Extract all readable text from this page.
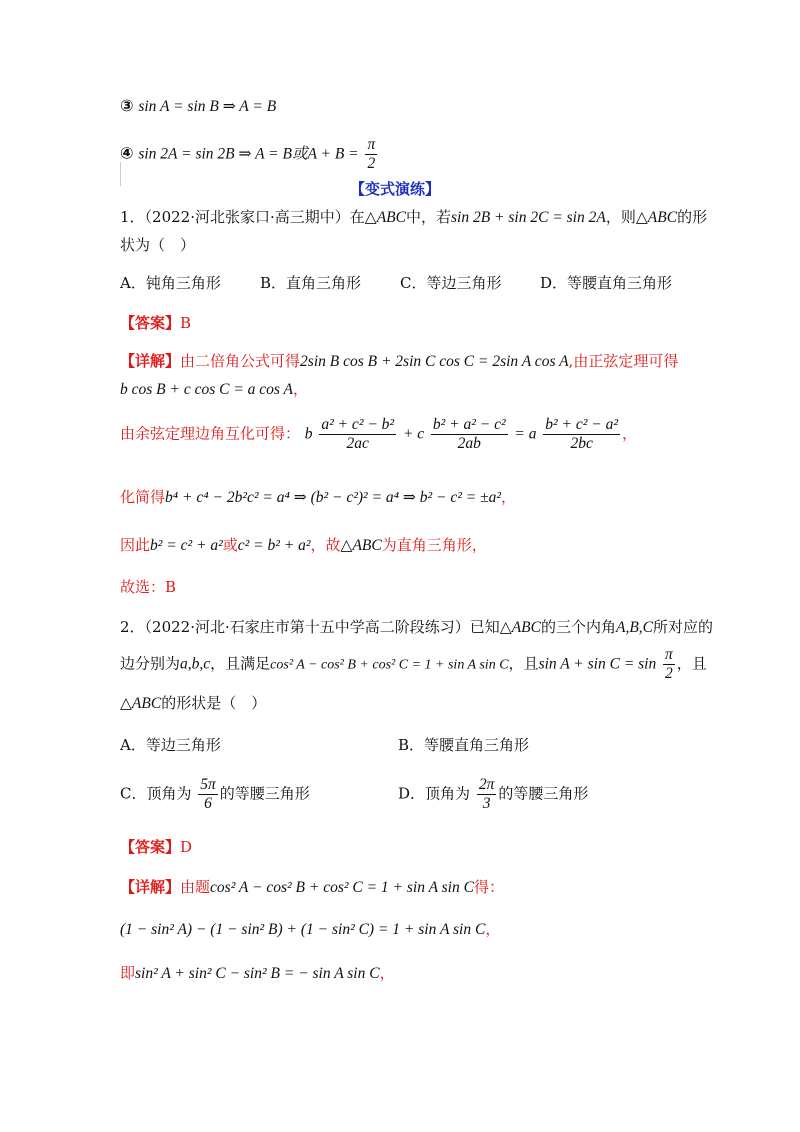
③ sin A = sin B ⇒ A = B
④ sin 2A = sin 2B ⇒ A = B或$A + B = \frac{\pi}{2}$
【变式演练】
1．（2022·河北张家口·高三期中）在△ABC中，若sin 2B + sin 2C = sin 2A，则△ABC的形
状为（　）
A．钝角三角形	B．直角三角形	C．等边三角形	D．等腰直角三角形
【答案】B
【详解】由二倍角公式可得2sin B cos B + 2sin C cos C = 2sin A cos A,由正弦定理可得
b cos B + c cos C = a cos A，
由余弦定理边角互化可得： b $\frac{\text{a² + c² − b²}}{2ac} + c \frac{\text{b² + a² − c²}}{2ab} = a \frac{\text{b² + c² − a²}}{2bc}$ ，
化简得b⁴ + c⁴ − 2b²c² = a⁴ ⇒ (b² − c²)² = a⁴ ⇒ b² − c² = ±a²，
因此b² = c² + a²或c² = b² + a²，故△ABC为直角三角形，
故选：B
2．（2022·河北·石家庄市第十五中学高二阶段练习）已知△ABC的三个内角A,B,C所对应的
边分别为a,b,c，且满足cos² A − cos² B + cos² C = 1 + sin A sin C，且$\sin A + \sin C = \sin \frac{\pi}{2}$ ，且
△ABC的形状是（　）
A．等边三角形	B．等腰直角三角形
C．顶角为 $\frac{5\pi}{6}$ 的等腰三角形	D．顶角为 $\frac{2\pi}{3}$ 的等腰三角形
【答案】D
【详解】由题cos² A − cos² B + cos² C = 1 + sin A sin C得：
(1 − sin² A) − (1 − sin² B) + (1 − sin² C) = 1 + sin A sin C，
即sin² A + sin² C − sin² B = − sin A sin C，
